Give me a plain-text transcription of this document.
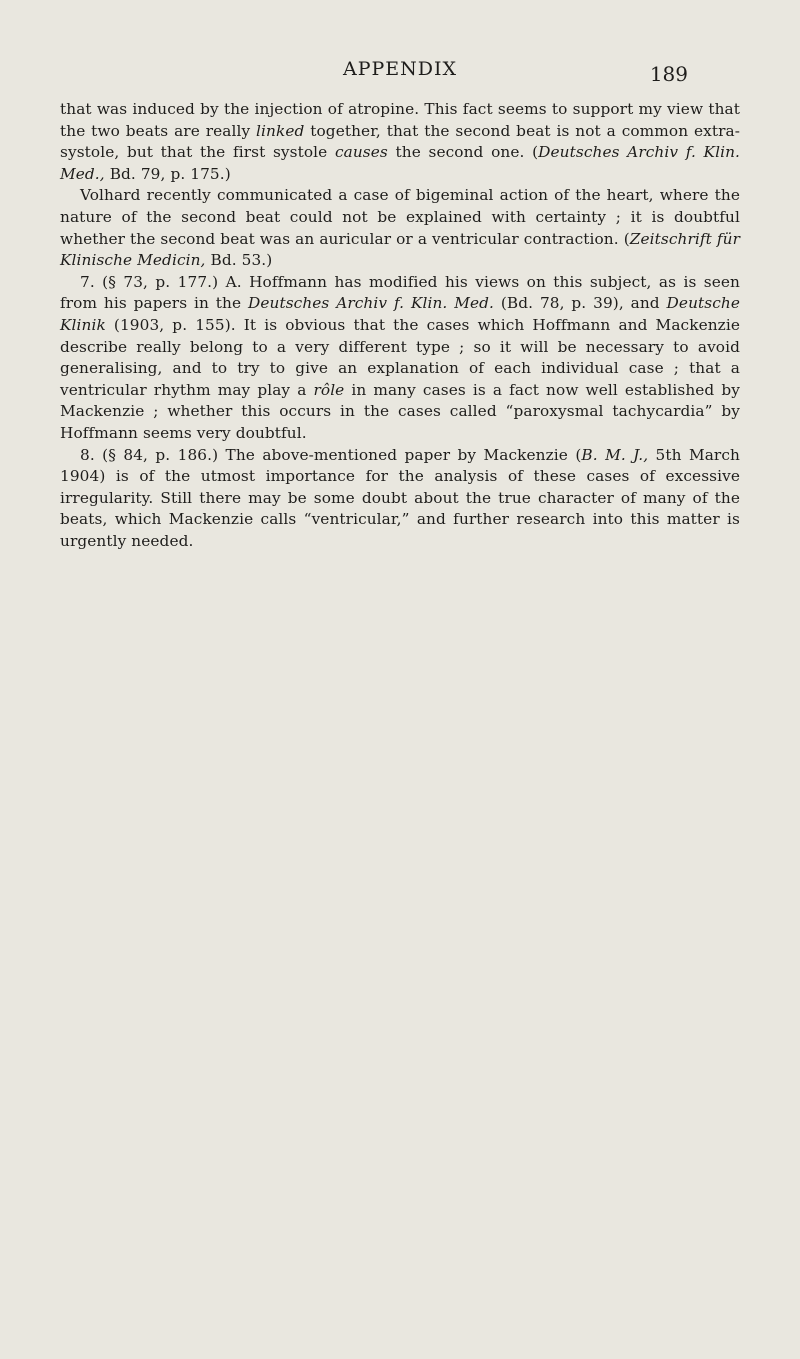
APPENDIX	189

that was induced by the injection of atropine. This fact seems to support my view that the two beats are really linked together, that the second beat is not a common extra-systole, but that the first systole causes the second one. (Deutsches Archiv f. Klin. Med., Bd. 79, p. 175.)

Volhard recently communicated a case of bigeminal action of the heart, where the nature of the second beat could not be explained with certainty ; it is doubtful whether the second beat was an auricular or a ventricular contraction. (Zeitschrift für Klinische Medicin, Bd. 53.)

7. (§ 73, p. 177.) A. Hoffmann has modified his views on this subject, as is seen from his papers in the Deutsches Archiv f. Klin. Med. (Bd. 78, p. 39), and Deutsche Klinik (1903, p. 155). It is obvious that the cases which Hoffmann and Mackenzie describe really belong to a very different type ; so it will be necessary to avoid generalising, and to try to give an explanation of each individual case ; that a ventricular rhythm may play a rôle in many cases is a fact now well established by Mackenzie ; whether this occurs in the cases called “paroxysmal tachycardia” by Hoffmann seems very doubtful.

8. (§ 84, p. 186.) The above-mentioned paper by Mackenzie (B. M. J., 5th March 1904) is of the utmost importance for the analysis of these cases of excessive irregularity. Still there may be some doubt about the true character of many of the beats, which Mackenzie calls “ventricular,” and further research into this matter is urgently needed.
